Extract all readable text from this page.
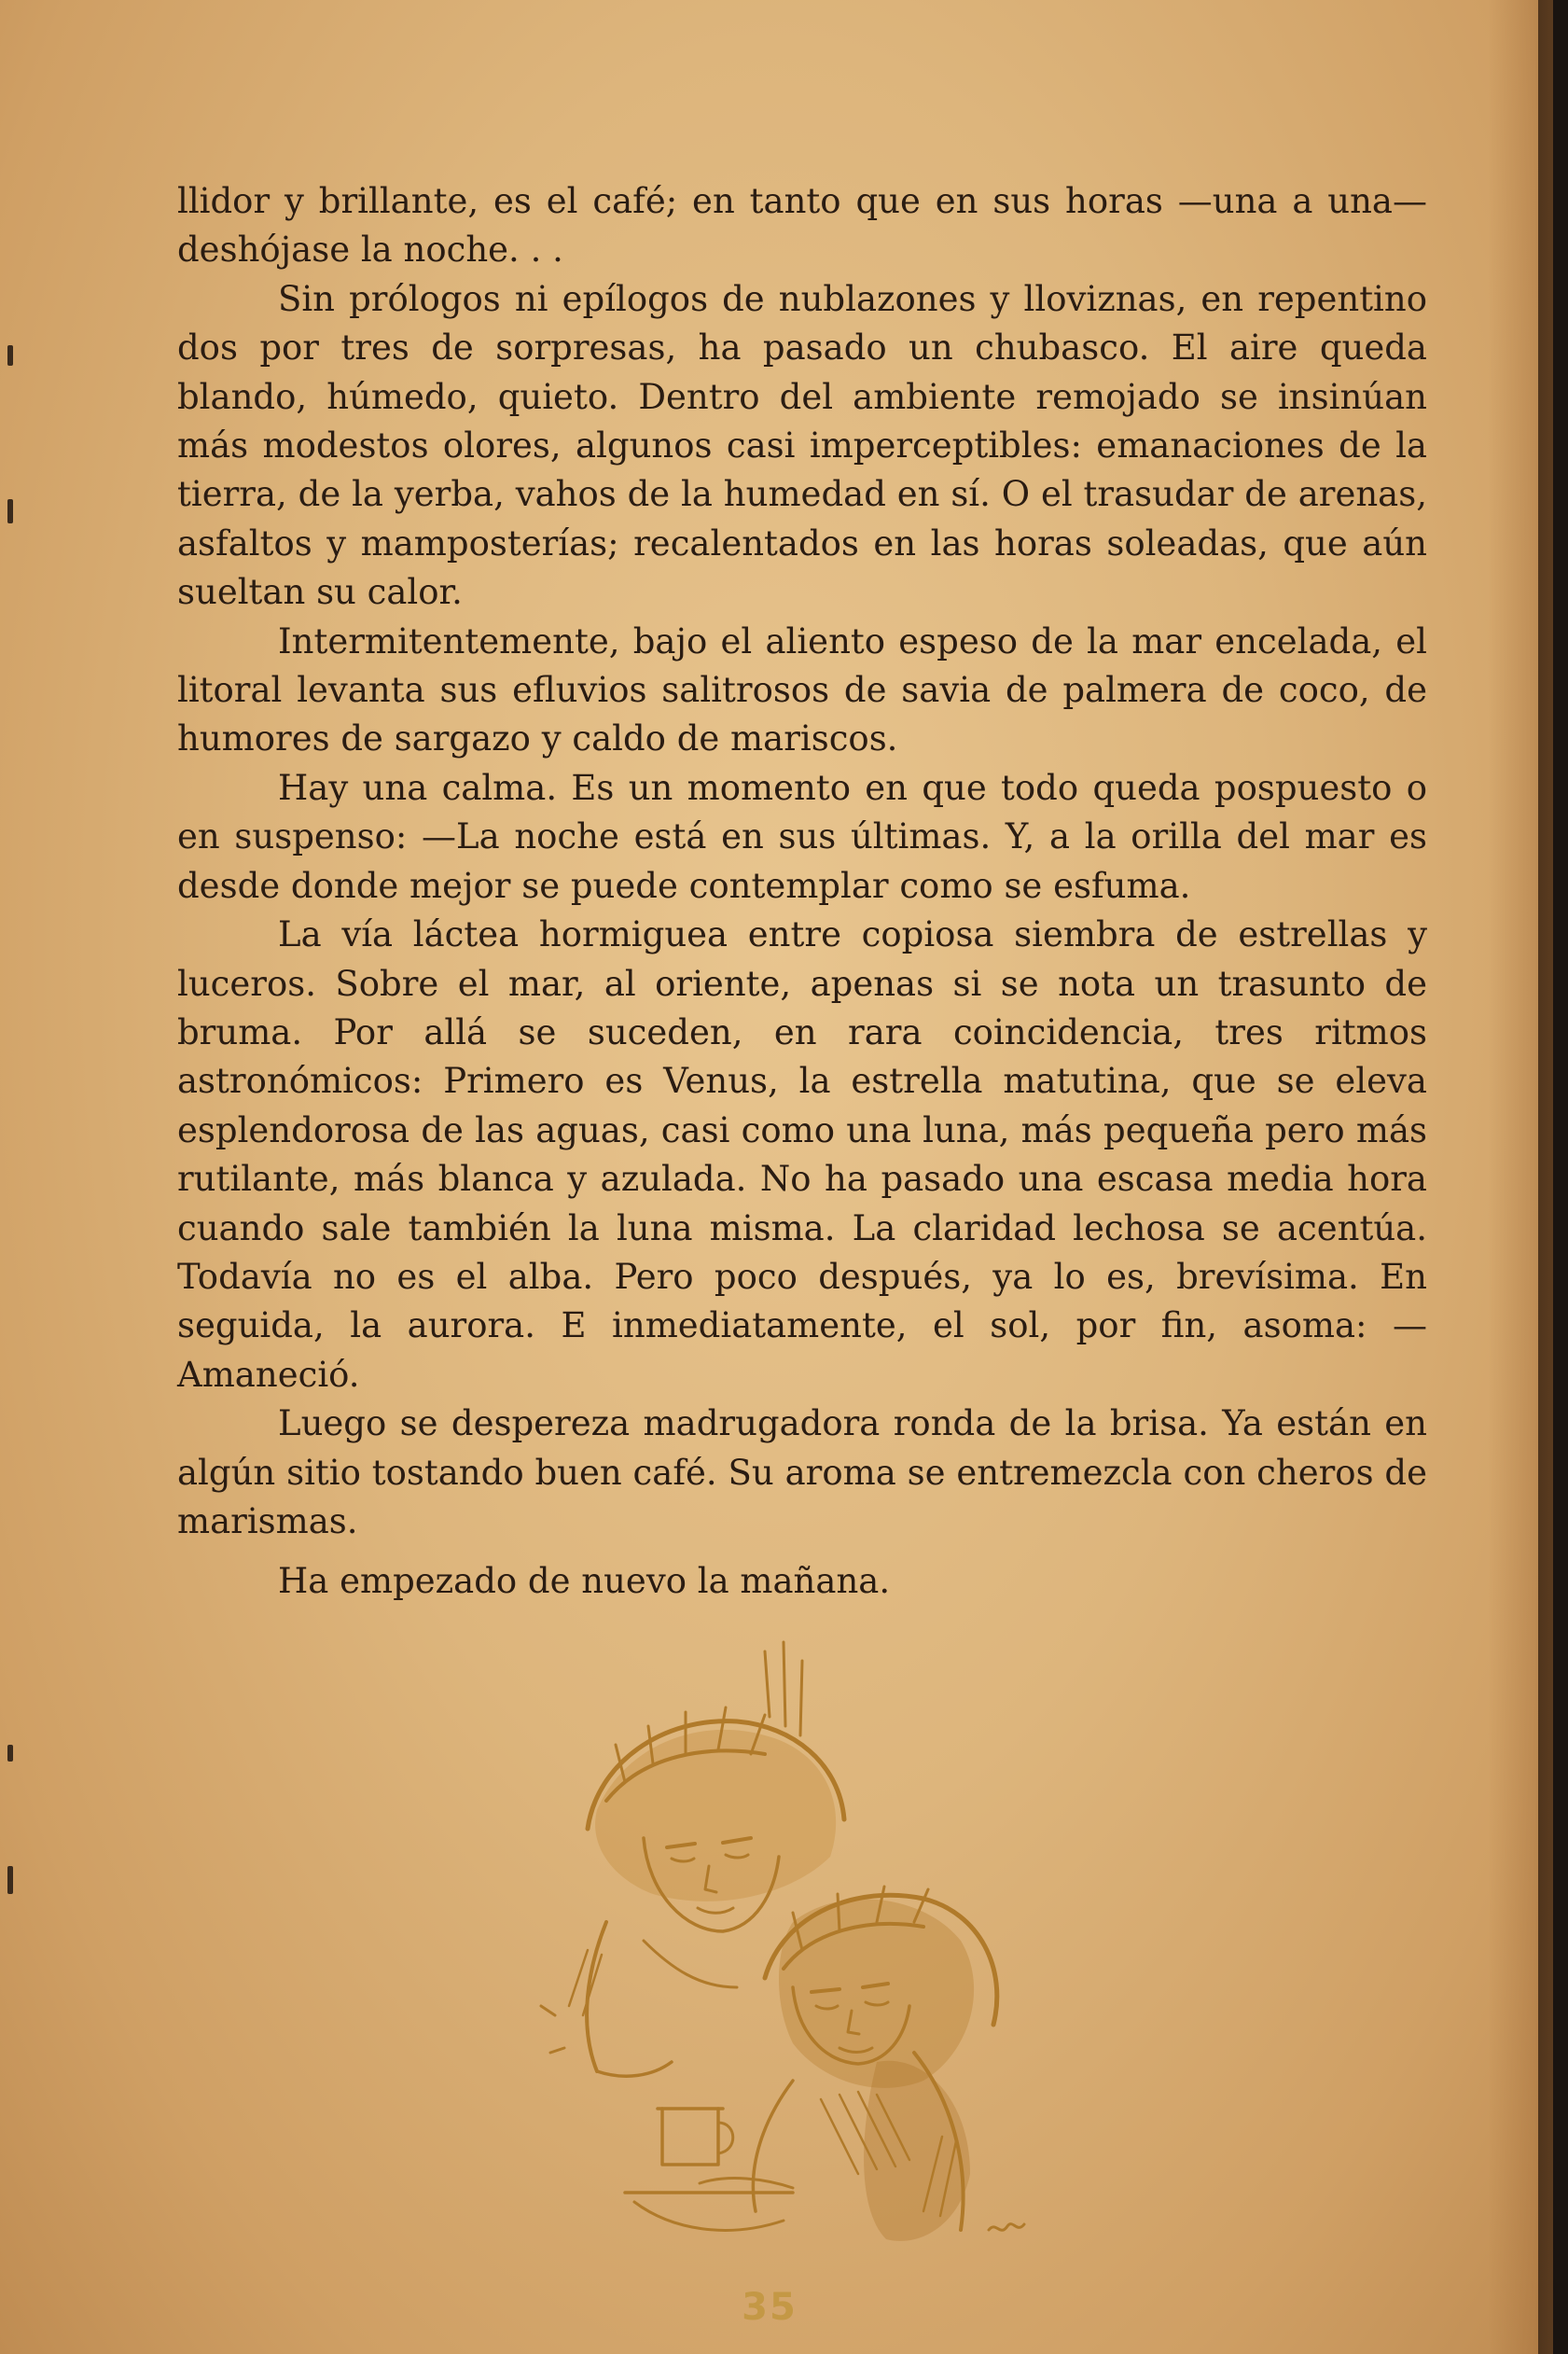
llidor y brillante, es el café; en tanto que en sus horas —una a una— deshójase la noche. . .

Sin prólogos ni epílogos de nublazones y lloviznas, en repentino dos por tres de sorpresas, ha pasado un chubasco. El aire queda blando, húmedo, quieto. Dentro del ambiente remojado se insinúan más modestos olores, algunos casi imperceptibles: emanaciones de la tierra, de la yerba, vahos de la humedad en sí. O el trasudar de arenas, asfaltos y mamposterías; recalentados en las horas soleadas, que aún sueltan su calor.

Intermitentemente, bajo el aliento espeso de la mar encelada, el litoral levanta sus efluvios salitrosos de savia de palmera de coco, de humores de sargazo y caldo de mariscos.

Hay una calma. Es un momento en que todo queda pospuesto o en suspenso: —La noche está en sus últimas. Y, a la orilla del mar es desde donde mejor se puede contemplar como se esfuma.

La vía láctea hormiguea entre copiosa siembra de estrellas y luceros. Sobre el mar, al oriente, apenas si se nota un trasunto de bruma. Por allá se suceden, en rara coincidencia, tres ritmos astronómicos: Primero es Venus, la estrella matutina, que se eleva esplendorosa de las aguas, casi como una luna, más pequeña pero más rutilante, más blanca y azulada. No ha pasado una escasa media hora cuando sale también la luna misma. La claridad lechosa se acentúa. Todavía no es el alba. Pero poco después, ya lo es, brevísima. En seguida, la aurora. E inmediatamente, el sol, por fin, asoma: —Amaneció.

Luego se despereza madrugadora ronda de la brisa. Ya están en algún sitio tostando buen café. Su aroma se entremezcla con cheros de marismas.

Ha empezado de nuevo la mañana.

35
